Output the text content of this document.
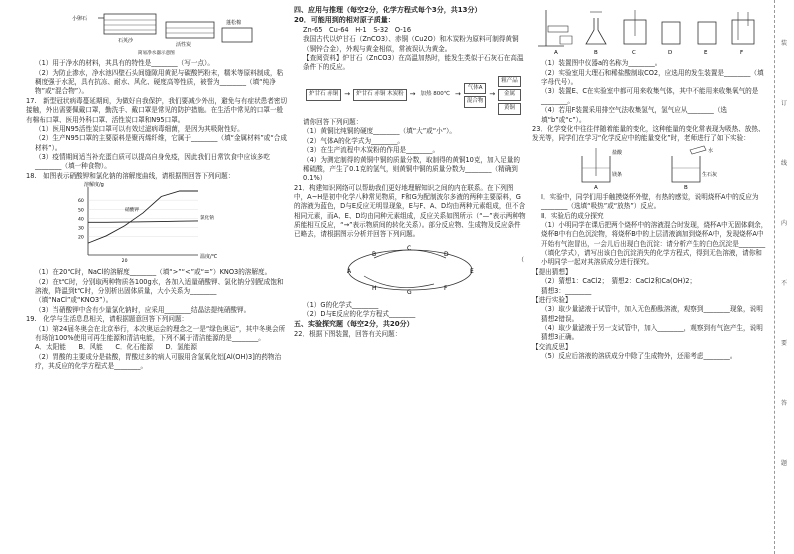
小卵石
石英沙
活性炭
蓬松棉
简易净水器示意图

（1）用于净水的材料，其具有的特性是________（写一点）。

（2）为防止渗水，净水池四壁石头间缝隙用黄泥与碳酸钙粉末，糯米等原料制成，粘稠度强于水泥，具有抗冻、耐水、风化、硬度高等性质，被誉为________（填“纯净物”或“混合物”）。

17.　新型冠状病毒蔓延期间，为做好自我保护，我们要减少外出，避免与有症状患者密切接触，外出需要佩戴口罩，勤洗手、戴口罩是常见的防护措施。在生活中常见的口罩一般有棉布口罩、医用外科口罩、活性炭口罩和N95口罩。

（1）医用N95活性炭口罩可以有效过滤病毒细菌，是因为其吸附性好。

（2）生产N95口罩的主要原料是聚丙烯纤维，它属于________（填“金属材料”或“合成材料”）。

（3）疫情期间适当补充蛋白质可以提高自身免疫，因此我们日常饮食中应该多吃________（填一种食物）。

18.　如图表示硝酸钾和氯化钠的溶解度曲线，请根据图回答下列问题：

溶解度/g
温度/℃
20
30
40
50
60
20
硝酸钾
氯化钠

（1）在20℃时，NaCl的溶解度________（填“>”“<”或“=”）KNO3的溶解度。

（2）在t℃时，分别取两种物质各100g水，各加入适量硝酸钾、氯化钠分别配成饱和溶液，降温到t℃时，分别析出固体质量，大小关系为________（填“NaCl”或“KNO3”）。

（3）当硝酸钾中含有少量氯化钠时，应采用________结晶法提纯硝酸钾。

19.　化学与生活息息相关，请根据题意回答下列问题：

（1）第24届冬奥会在北京举行，本次奥运会的理念之一是“绿色奥运”，其中冬奥会所有场馆100%使用可再生能源和清洁电能，下列不属于清洁能源的是________。

A．太阳能 B．风能 C．化石能源 D．氢能源

（2）胃酸的主要成分是盐酸，胃酸过多的病人可服用含氢氧化铝[Al(OH)3]的药物治疗，其反应的化学方程式是________。

四、应用与推理（每空2分，化学方程式每个3分，共13分）

20．可能用到的相对原子质量：

Zn-65　Cu-64　H-1　S-32　O-16

我国古代以炉甘石（ZnCO3）、赤铜（Cu2O）和木炭粉为原料可制得黄铜（铜锌合金），外观与黄金相似，常被误认为黄金。

【查阅资料】炉甘石（ZnCO3）在高温加热时，能发生类似于石灰石在高温条件下的反应。

炉甘石 赤铜 →	炉甘石 赤铜 木炭粉 → 加热 800℃ →
气体A
混合物
→
粗产品
金属
黄铜

请你回答下列问题：

（1）黄铜比纯铜的硬度________（填“大”或“小”）。

（2）气体A的化学式为________。

（3）在生产流程中木炭粉的作用是________。

（4）为测定制得的黄铜中铜的质量分数，取制得的黄铜10克，加入足量的稀硫酸，产生了0.1克的氢气，则黄铜中铜的质量分数为________（精确到0.1%）

21．构建知识网络可以帮助我们更好地理解知识之间的内在联系。在下列图中，A~H是初中化学八种常见物质，F和G为配制波尔多液的两种主要原料，G的溶液为蓝色，D与E反应无明显现象，E与F、A、D均由两种元素组成，但不含相同元素，而A、E、D均由同种元素组成，反应关系如图所示（“—”表示两种物质能相互反应，“→”表示物质间的转化关系）。部分反应物、生成物及反应条件已略去，请根据图示分析并回答下列问题。

A
B
C
D
E
F
G
H
（

（1）G的化学式________

（2）D与E反应的化学方程式________

五、实验探究题（每空2分，共20分）

22．根据下图装置，回答有关问题：

A	B	C	D	E	F

（1）装置图中仪器a的名称为________。

（2）实验室用大理石和稀盐酸制取CO2，应选用的发生装置是________（填字母代号）。

（3）装置E、C在实验室中都可用来收集气体，其中不能用来收集氧气的是________。

（4）若用F装置采用排空气法收集氢气，氢气应从________（选填“b”或“c”）。

23．化学变化中往往伴随着能量的变化，这种能量的变化常表现为吸热、放热、发光等，同学们在学习“化学反应中的能量变化”时，老师进行了如下实验：

盐酸	水
镁条
A
生石灰
B

Ⅰ．实验中，同学们用手触摸烧杯外壁，有热的感觉，说明烧杯A中的反应为________（选填“吸热”或“放热”）反应。

Ⅱ．实验后的成分探究

（1）小明同学在课后把两个烧杯中的溶液混合时发现，烧杯A中无固体剩余，烧杯B中有白色沉淀物，将烧杯B中的上层清液滴加到烧杯A中，发现烧杯A中开始有气泡冒出，一会儿后出现白色沉淀：请分析产生的白色沉淀是________（填化学式），请写出该白色沉淀消失的化学方程式，得到无色溶液，请你和小明同学一起对其溶质成分进行探究。

【提出猜想】

（2）猜想1：CaCl2；　猜想2：CaCl2和Ca(OH)2；

猜想3：________

【进行实验】

（3）取少量滤液于试管中，加入无色酚酞溶液，观察到________现象，说明猜想2错误。

（4）取少量滤液于另一支试管中，加入________，观察到有气泡产生，说明猜想3正确。

【交流反思】

（5）反应后溶液的溶质成分中除了生成物外，还需考虑________。

装
订
线
内
不
要
答
题
